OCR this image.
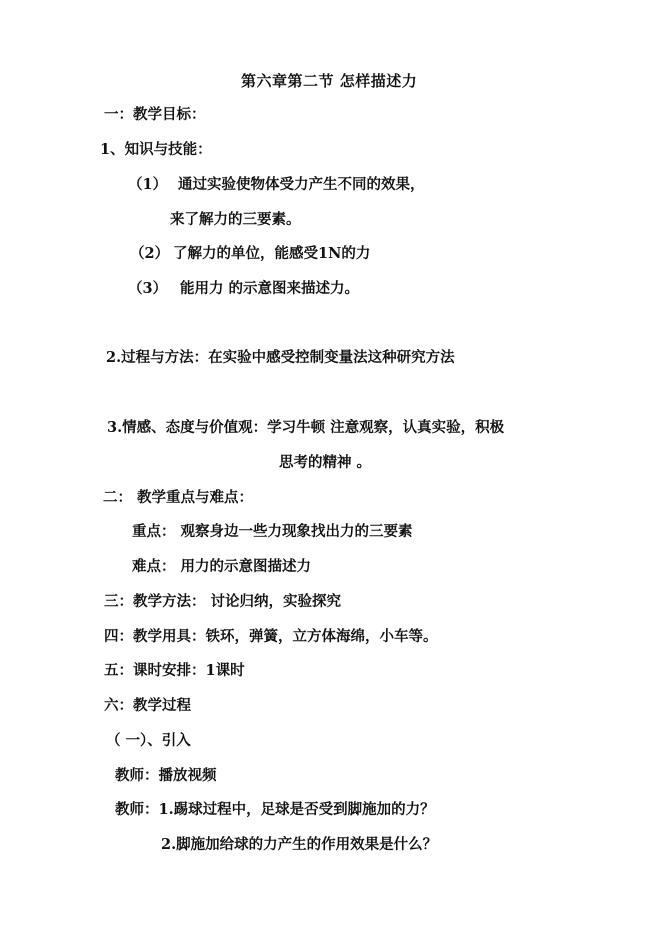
第六章第二节 怎样描述力
一：教学目标：
1、知识与技能：
（1） 通过实验使物体受力产生不同的效果，
来了解力的三要素。
（2） 了解力的单位，能感受1N的力
（3） 能用力 的示意图来描述力。
2.过程与方法：在实验中感受控制变量法这种研究方法
3.情感、态度与价值观：学习牛顿 注意观察，认真实验，积极
思考的精神 。
二： 教学重点与难点：
重点： 观察身边一些力现象找出力的三要素
难点： 用力的示意图描述力
三：教学方法： 讨论归纳，实验探究
四：教学用具：铁环，弹簧，立方体海绵，小车等。
五：课时安排：1课时
六：教学过程
（ 一）、引入
教师：播放视频
教师：1.踢球过程中，足球是否受到脚施加的力？
2.脚施加给球的力产生的作用效果是什么？
